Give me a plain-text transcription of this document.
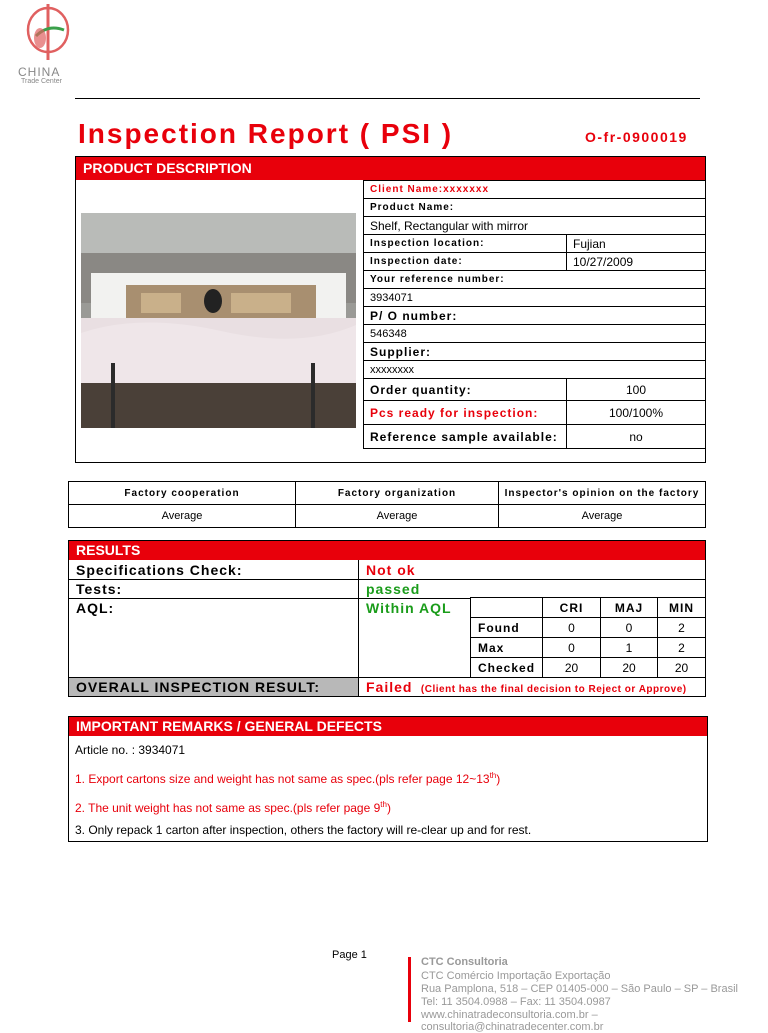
CHINA
Trade Center
Inspection Report ( PSI )	O-fr-0900019
PRODUCT DESCRIPTION
Client Name:xxxxxxx	
Product Name:	
Shelf, Rectangular with mirror	
Inspection location:	Fujian
Inspection date:	10/27/2009
Your reference number:	
3934071	
P/ O number:	
546348	
Supplier:	
xxxxxxxx	
Order quantity:	100
Pcs ready for inspection:	100/100%
Reference sample available:	no
Factory cooperation	Factory organization	Inspector's opinion on the factory
Average	Average	Average
RESULTS
Specifications Check:	Not ok
Tests:	passed
AQL:	Within AQL
		CRI	MAJ	MIN
Found	0	0	2
Max	0	1	2
Checked	20	20	20
OVERALL INSPECTION RESULT:	Failed (Client has the final decision to Reject or Approve)
IMPORTANT REMARKS / GENERAL DEFECTS
Article no. : 3934071
1. Export cartons size and weight has not same as spec.(pls refer page 12~13th)
2. The unit weight has not same as spec.(pls refer page 9th)
3. Only repack 1 carton after inspection, others the factory will re-clear up and for rest.
Page 1
CTC Consultoria
CTC Comércio Importação Exportação
Rua Pamplona, 518 – CEP 01405-000 – São Paulo – SP – Brasil
Tel: 11 3504.0988 – Fax: 11 3504.0987
www.chinatradeconsultoria.com.br – consultoria@chinatradecenter.com.br
